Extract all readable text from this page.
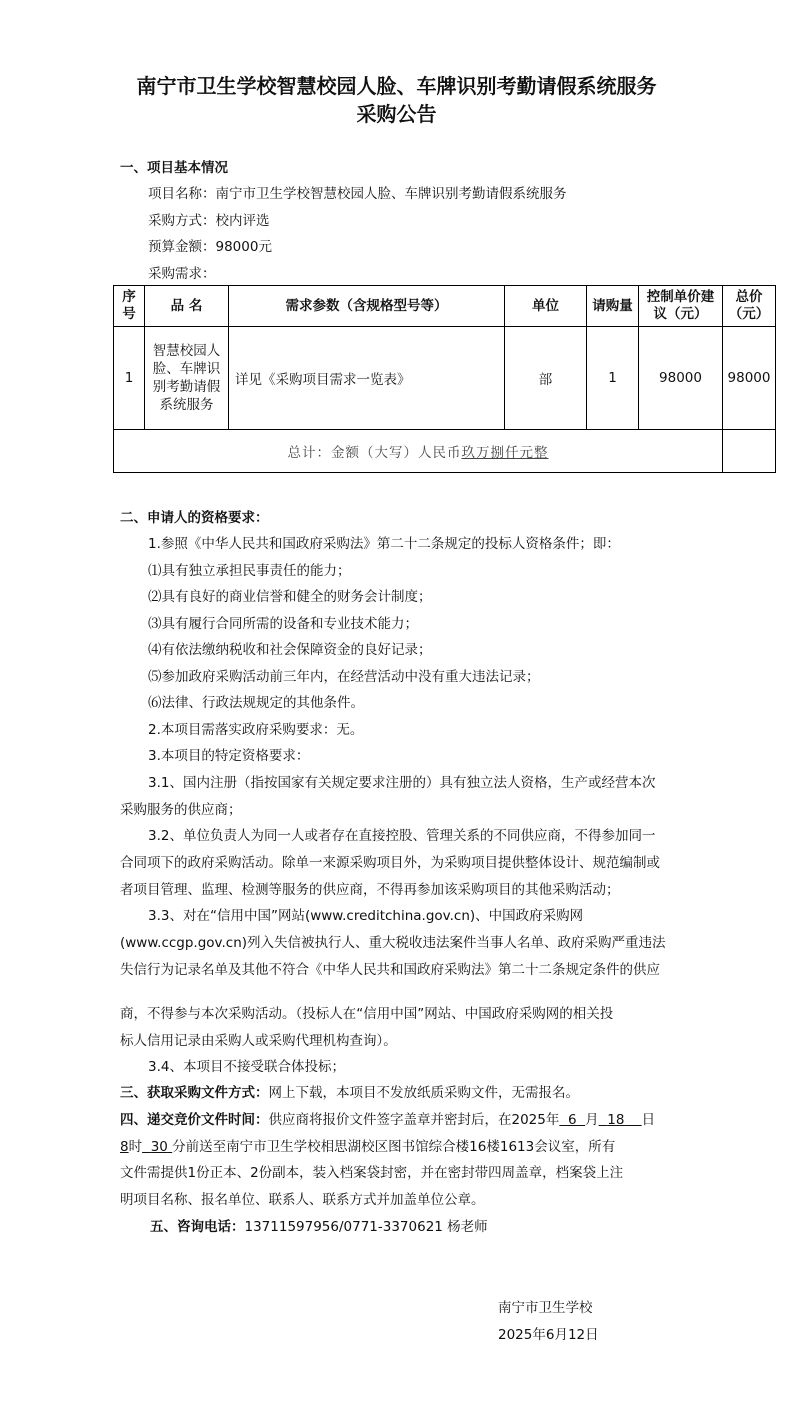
南宁市卫生学校智慧校园人脸、车牌识别考勤请假系统服务
采购公告
一、项目基本情况
项目名称：南宁市卫生学校智慧校园人脸、车牌识别考勤请假系统服务
采购方式：校内评选
预算金额：98000元
采购需求：
序号	品 名	需求参数（含规格型号等）	单位	请购量	控制单价建议（元）	总价（元）
1	智慧校园人脸、车牌识别考勤请假系统服务	详见《采购项目需求一览表》	部	1	98000	98000
总计：金额（大写）人民币玖万捌仟元整						
二、申请人的资格要求：
1.参照《中华人民共和国政府采购法》第二十二条规定的投标人资格条件；即：
⑴具有独立承担民事责任的能力；
⑵具有良好的商业信誉和健全的财务会计制度；
⑶具有履行合同所需的设备和专业技术能力；
⑷有依法缴纳税收和社会保障资金的良好记录；
⑸参加政府采购活动前三年内，在经营活动中没有重大违法记录；
⑹法律、行政法规规定的其他条件。
2.本项目需落实政府采购要求：无。
3.本项目的特定资格要求：
3.1、国内注册（指按国家有关规定要求注册的）具有独立法人资格，生产或经营本次
采购服务的供应商；
3.2、单位负责人为同一人或者存在直接控股、管理关系的不同供应商，不得参加同一
合同项下的政府采购活动。除单一来源采购项目外，为采购项目提供整体设计、规范编制或
者项目管理、监理、检测等服务的供应商，不得再参加该采购项目的其他采购活动；
3.3、对在“信用中国”网站(www.creditchina.gov.cn)、中国政府采购网
(www.ccgp.gov.cn)列入失信被执行人、重大税收违法案件当事人名单、政府采购严重违法
失信行为记录名单及其他不符合《中华人民共和国政府采购法》第二十二条规定条件的供应
商，不得参与本次采购活动。（投标人在“信用中国”网站、中国政府采购网的相关投
标人信用记录由采购人或采购代理机构查询）。
3.4、本项目不接受联合体投标；
三、获取采购文件方式：网上下载，本项目不发放纸质采购文件，无需报名。
四、递交竞价文件时间：供应商将报价文件签字盖章并密封后，在2025年 6 月 18 日
8时 30 分前送至南宁市卫生学校相思湖校区图书馆综合楼16楼1613会议室，所有
文件需提供1份正本、2份副本，装入档案袋封密，并在密封带四周盖章，档案袋上注
明项目名称、报名单位、联系人、联系方式并加盖单位公章。
五、咨询电话：13711597956/0771-3370621 杨老师
南宁市卫生学校
2025年6月12日
